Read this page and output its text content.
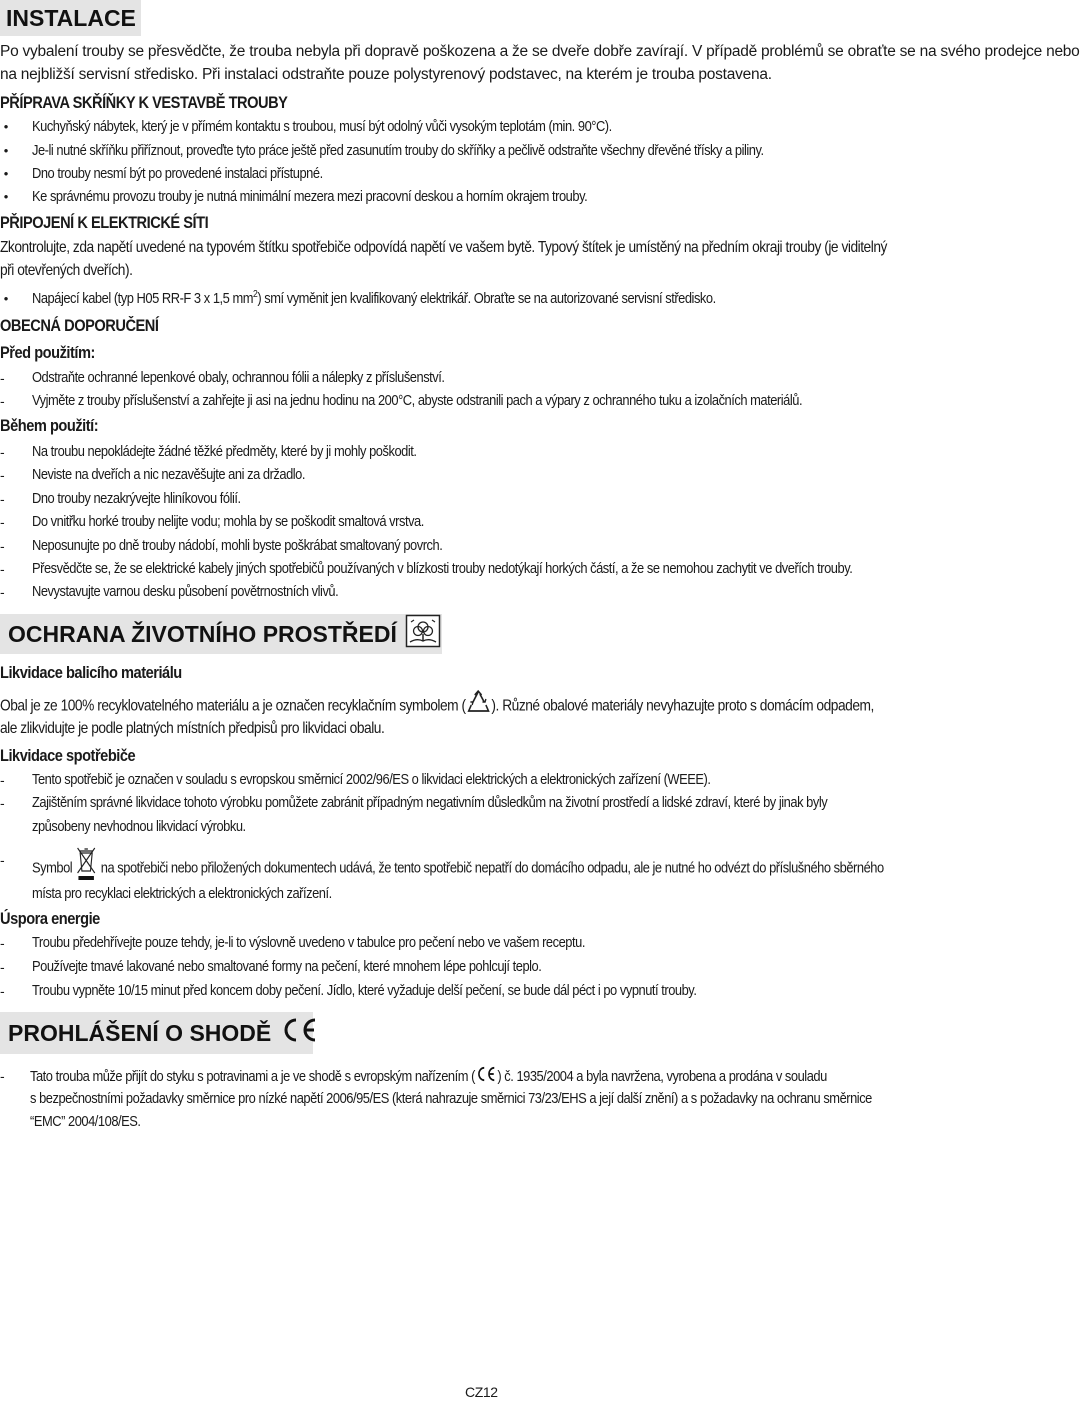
INSTALACE
Po vybalení trouby se přesvědčte, že trouba nebyla při dopravě poškozena a že se dveře dobře zavírají. V případě problémů se obraťte se na svého prodejce nebo
na nejbližší servisní středisko. Při instalaci odstraňte pouze polystyrenový podstavec, na kterém je trouba postavena.
PŘÍPRAVA SKŘÍŇKY K VESTAVBĚ TROUBY
• Kuchyňský nábytek, který je v přímém kontaktu s troubou, musí být odolný vůči vysokým teplotám (min. 90°C).
• Je-li nutné skříňku přiříznout, proveďte tyto práce ještě před zasunutím trouby do skříňky a pečlivě odstraňte všechny dřevěné třísky a piliny.
• Dno trouby nesmí být po provedené instalaci přístupné.
• Ke správnému provozu trouby je nutná minimální mezera mezi pracovní deskou a horním okrajem trouby.
PŘIPOJENÍ K ELEKTRICKÉ SÍTI
Zkontrolujte, zda napětí uvedené na typovém štítku spotřebiče odpovídá napětí ve vašem bytě. Typový štítek je umístěný na předním okraji trouby (je viditelný
při otevřených dveřích).
• Napájecí kabel (typ H05 RR-F 3 x 1,5 $mm^2$) smí vyměnit jen kvalifikovaný elektrikář. Obraťte se na autorizované servisní středisko.
OBECNÁ DOPORUČENÍ
Před použitím:
-	Odstraňte ochranné lepenkové obaly, ochrannou fólii a nálepky z příslušenství.
-	Vyjměte z trouby příslušenství a zahřejte ji asi na jednu hodinu na 200°C, abyste odstranili pach a výpary z ochranného tuku a izolačních materiálů.
Během použití:
-	Na troubu nepokládejte žádné těžké předměty, které by ji mohly poškodit.
-	Neviste na dveřích a nic nezavěšujte ani za držadlo.
-	Dno trouby nezakrývejte hliníkovou fólií.
-	Do vnitřku horké trouby nelijte vodu; mohla by se poškodit smaltová vrstva.
-	Neposunujte po dně trouby nádobí, mohli byste poškrábat smaltovaný povrch.
-	Přesvědčte se, že se elektrické kabely jiných spotřebičů používaných v blízkosti trouby nedotýkají horkých částí, a že se nemohou zachytit ve dveřích trouby.
-	Nevystavujte varnou desku působení povětrnostních vlivů.
OCHRANA ŽIVOTNÍHO PROSTŘEDÍ
Likvidace balicího materiálu
Obal je ze 100% recyklovatelného materiálu a je označen recyklačním symbolem ( ). Různé obalové materiály nevyhazujte proto s domácím odpadem,
ale zlikvidujte je podle platných místních předpisů pro likvidaci obalu.
Likvidace spotřebiče
-	Tento spotřebič je označen v souladu s evropskou směrnicí 2002/96/ES o likvidaci elektrických a elektronických zařízení (WEEE).
-	Zajištěním správné likvidace tohoto výrobku pomůžete zabránit případným negativním důsledkům na životní prostředí a lidské zdraví, které by jinak byly
způsobeny nevhodnou likvidací výrobku.
-	Symbol na spotřebiči nebo přiložených dokumentech udává, že tento spotřebič nepatří do domácího odpadu, ale je nutné ho odvézt do příslušného sběrného
místa pro recyklaci elektrických a elektronických zařízení.
Úspora energie
-	Troubu předehřívejte pouze tehdy, je-li to výslovně uvedeno v tabulce pro pečení nebo ve vašem receptu.
-	Používejte tmavé lakované nebo smaltované formy na pečení, které mnohem lépe pohlcují teplo.
-	Troubu vypněte 10/15 minut před koncem doby pečení. Jídlo, které vyžaduje delší pečení, se bude dál péct i po vypnutí trouby.
PROHLÁŠENÍ O SHODĚ
-	Tato trouba může přijít do styku s potravinami a je ve shodě s evropským nařízením ( ) č. 1935/2004 a byla navržena, vyrobena a prodána v souladu
s bezpečnostními požadavky směrnice pro nízké napětí 2006/95/ES (která nahrazuje směrnici 73/23/EHS a její další znění) a s požadavky na ochranu směrnice
“EMC” 2004/108/ES.
CZ12
